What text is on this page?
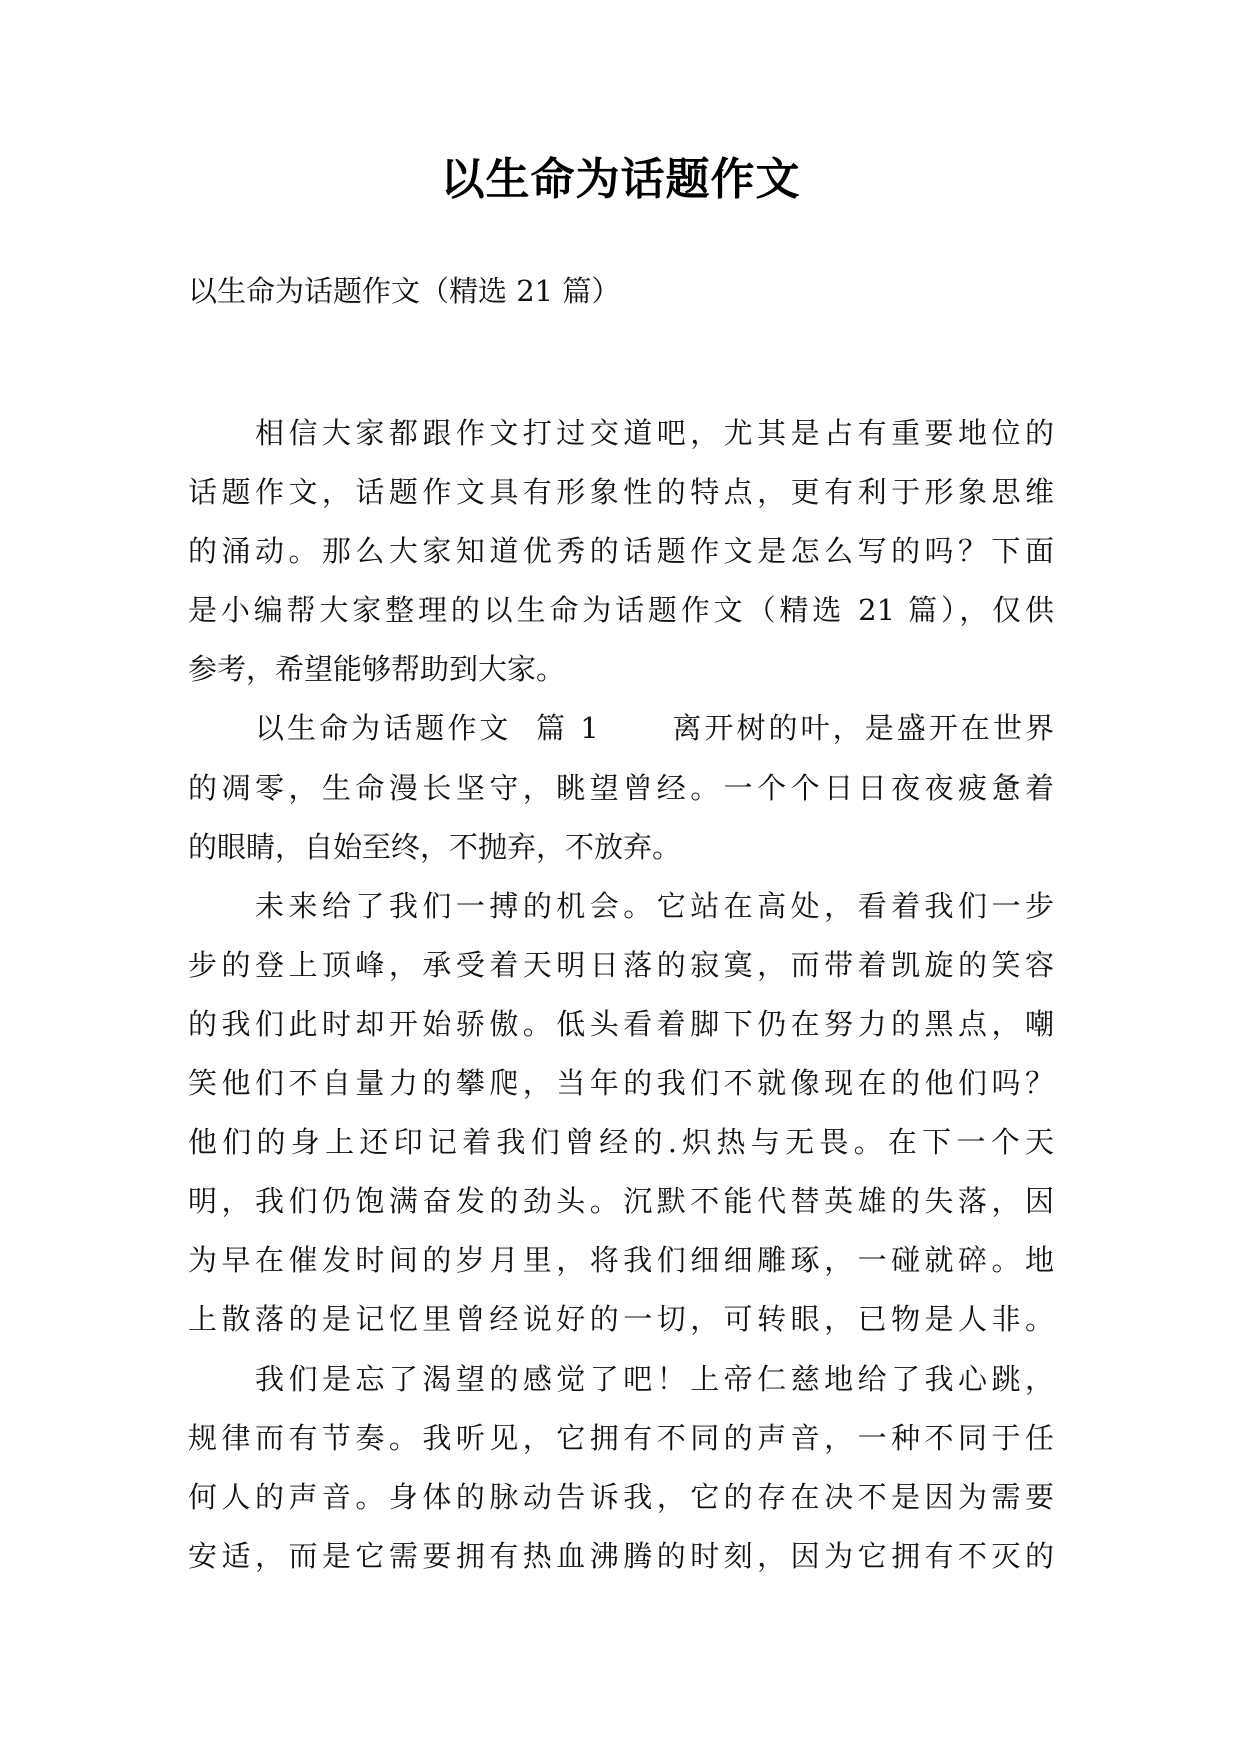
以生命为话题作文
以生命为话题作文（精选 21 篇）
相信大家都跟作文打过交道吧，尤其是占有重要地位的
话题作文，话题作文具有形象性的特点，更有利于形象思维
的涌动。那么大家知道优秀的话题作文是怎么写的吗？下面
是小编帮大家整理的以生命为话题作文（精选 21 篇），仅供
参考，希望能够帮助到大家。
以生命为话题作文  篇 1      离开树的叶，是盛开在世界
的凋零，生命漫长坚守，眺望曾经。一个个日日夜夜疲惫着
的眼睛，自始至终，不抛弃，不放弃。
未来给了我们一搏的机会。它站在高处，看着我们一步
步的登上顶峰，承受着天明日落的寂寞，而带着凯旋的笑容
的我们此时却开始骄傲。低头看着脚下仍在努力的黑点，嘲
笑他们不自量力的攀爬，当年的我们不就像现在的他们吗？
他们的身上还印记着我们曾经的.炽热与无畏。在下一个天
明，我们仍饱满奋发的劲头。沉默不能代替英雄的失落，因
为早在催发时间的岁月里，将我们细细雕琢，一碰就碎。地
上散落的是记忆里曾经说好的一切，可转眼，已物是人非。
我们是忘了渴望的感觉了吧！上帝仁慈地给了我心跳，
规律而有节奏。我听见，它拥有不同的声音，一种不同于任
何人的声音。身体的脉动告诉我，它的存在决不是因为需要
安适，而是它需要拥有热血沸腾的时刻，因为它拥有不灭的
